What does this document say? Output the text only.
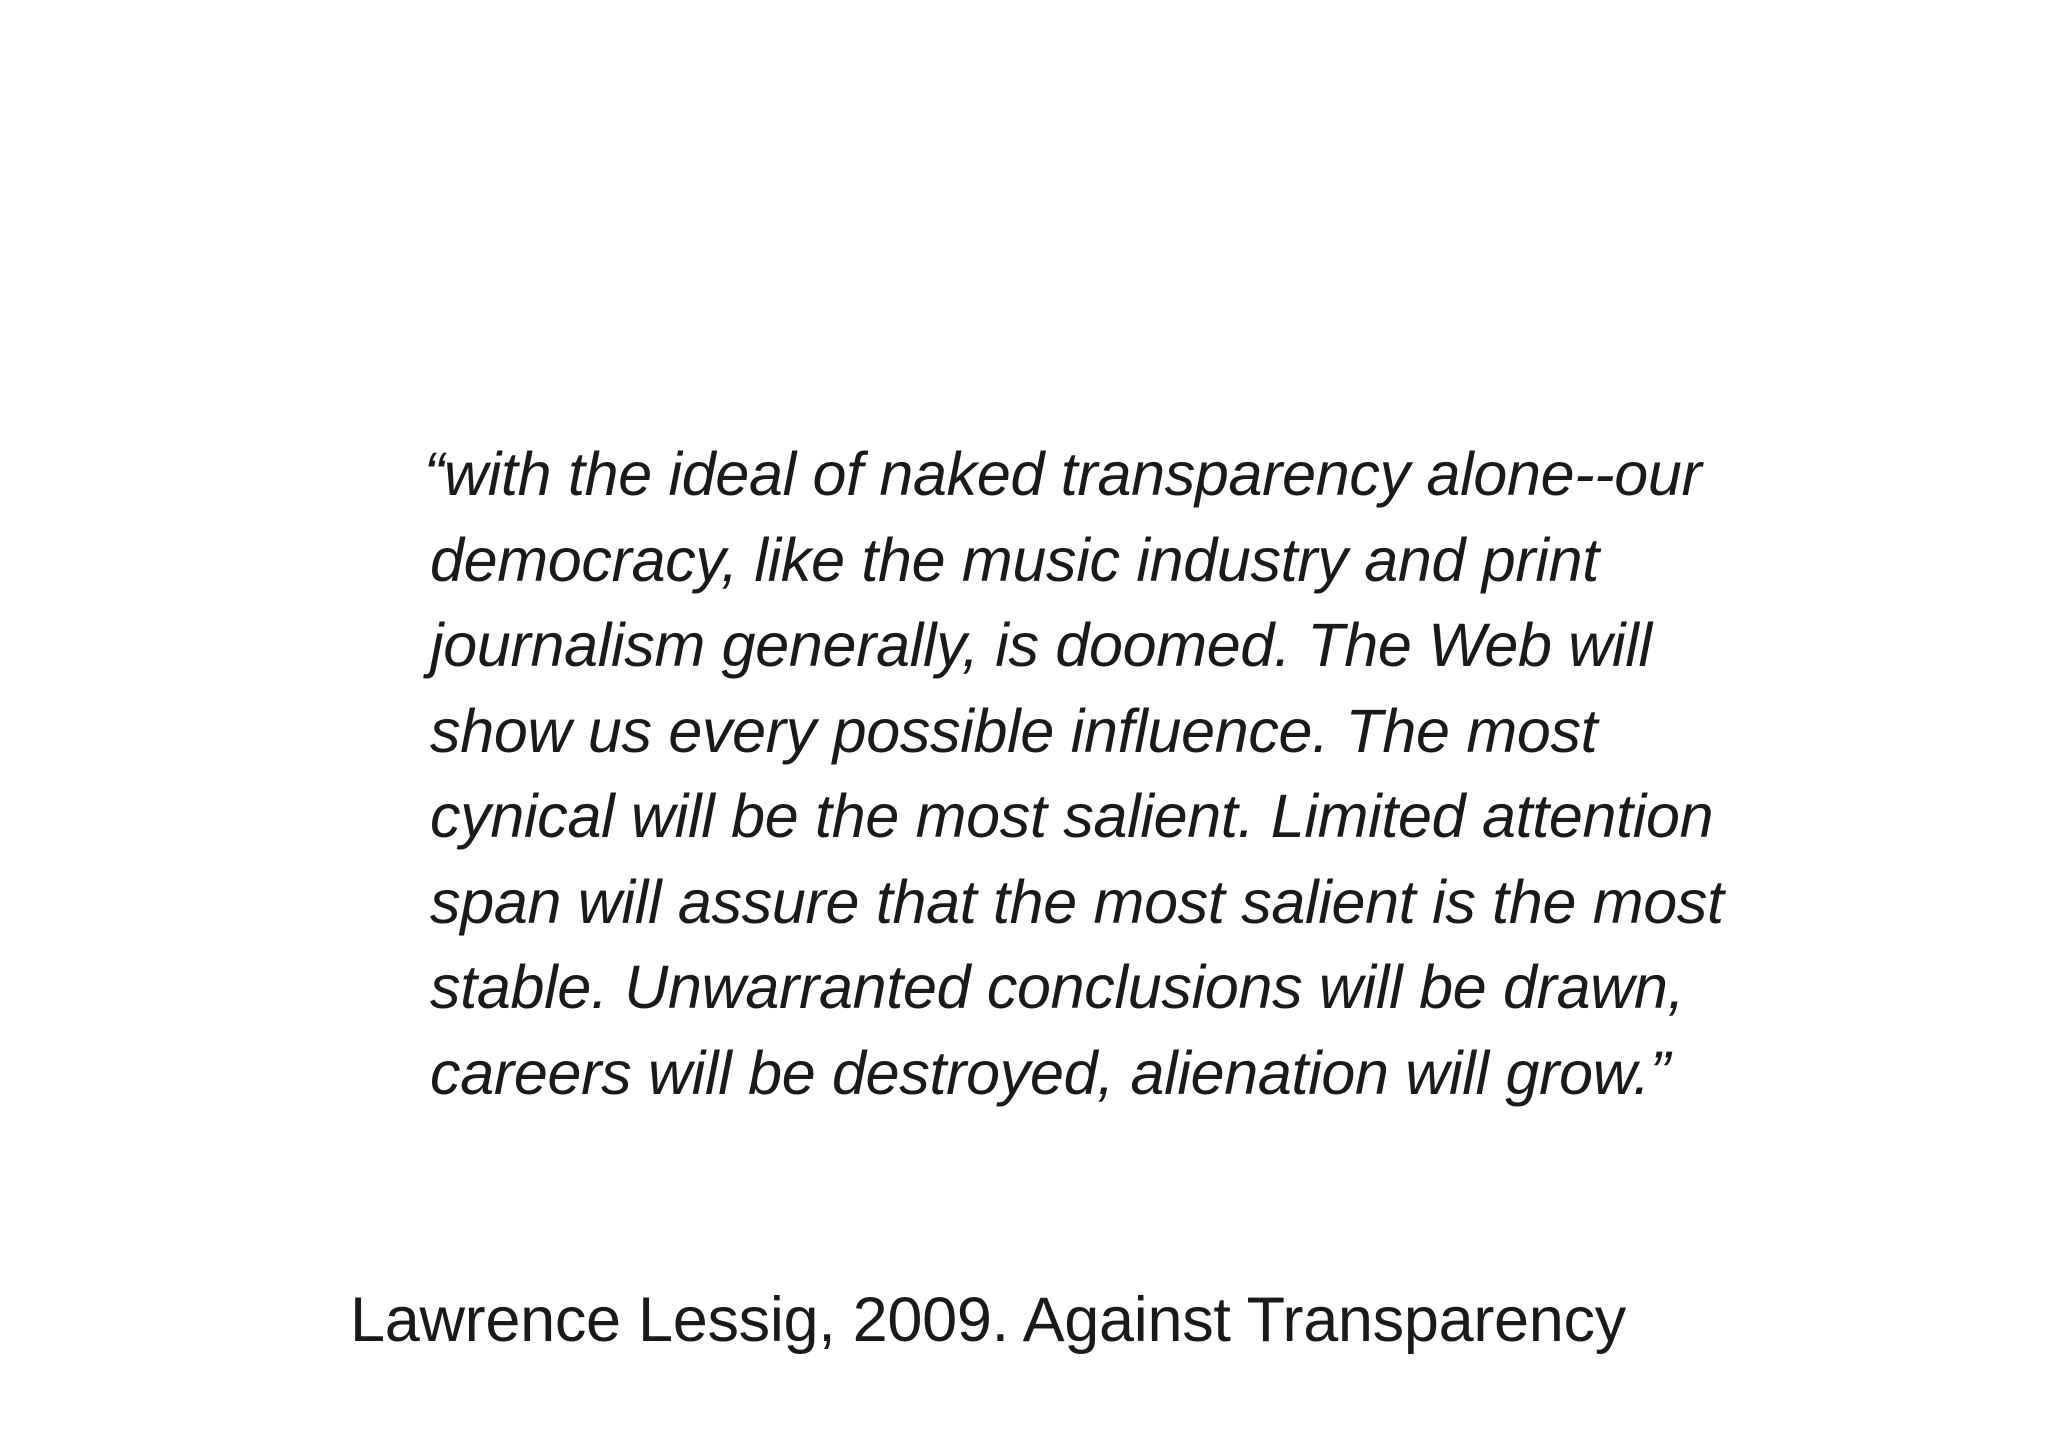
“with the ideal of naked transparency alone--our
democracy, like the music industry and print
journalism generally, is doomed. The Web will
show us every possible influence. The most
cynical will be the most salient. Limited attention
span will assure that the most salient is the most
stable. Unwarranted conclusions will be drawn,
careers will be destroyed, alienation will grow.”
Lawrence Lessig, 2009. Against Transparency
